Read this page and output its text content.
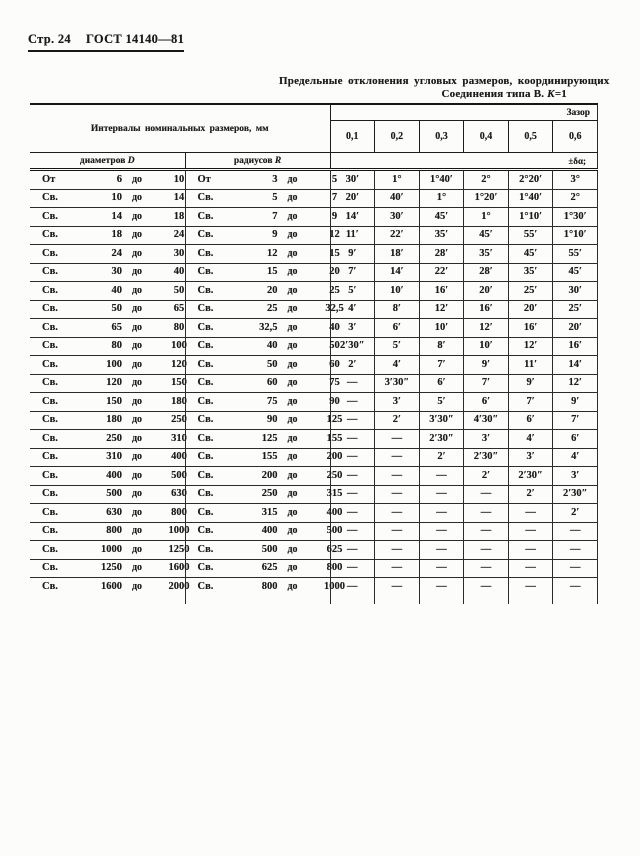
Стр. 24 ГОСТ 14140—81
Предельные отклонения угловых размеров, координирующих
Соединения типа В. К=1
Интервалы номинальных размеров, мм		Зазор					
		0,1	0,2	0,3	0,4	0,5	0,6
диаметров D	радиусов R	±δα;					

От 6 до 10	От 3 до 5	30′	1°	1°40′	2°	2°20′	3°

Св. 10 до 14	Св. 5 до 7	20′	40′	1°	1°20′	1°40′	2°

Св. 14 до 18	Св. 7 до 9	14′	30′	45′	1°	1°10′	1°30′

Св. 18 до 24	Св. 9 до 12	11′	22′	35′	45′	55′	1°10′

Св. 24 до 30	Св. 12 до 15	9′	18′	28′	35′	45′	55′

Св. 30 до 40	Св. 15 до 20	7′	14′	22′	28′	35′	45′

Св. 40 до 50	Св. 20 до 25	5′	10′	16′	20′	25′	30′

Св. 50 до 65	Св. 25 до 32,5	4′	8′	12′	16′	20′	25′

Св. 65 до 80	Св. 32,5 до 40	3′	6′	10′	12′	16′	20′

Св. 80 до 100	Св. 40 до 50	2′30″	5′	8′	10′	12′	16′

Св. 100 до 120	Св. 50 до 60	2′	4′	7′	9′	11′	14′

Св. 120 до 150	Св. 60 до 75	—	3′30″	6′	7′	9′	12′

Св. 150 до 180	Св. 75 до 90	—	3′	5′	6′	7′	9′

Св. 180 до 250	Св. 90 до 125	—	2′	3′30″	4′30″	6′	7′

Св. 250 до 310	Св. 125 до 155	—	—	2′30″	3′	4′	6′

Св. 310 до 400	Св. 155 до 200	—	—	2′	2′30″	3′	4′

Св. 400 до 500	Св. 200 до 250	—	—	—	2′	2′30″	3′

Св. 500 до 630	Св. 250 до 315	—	—	—	—	2′	2′30″

Св. 630 до 800	Св. 315 до 400	—	—	—	—	—	2′

Св. 800 до 1000	Св. 400 до 500	—	—	—	—	—	—

Св. 1000 до 1250	Св. 500 до 625	—	—	—	—	—	—

Св. 1250 до 1600	Св. 625 до 800	—	—	—	—	—	—

Св. 1600 до 2000	Св. 800 до 1000	—	—	—	—	—	—
